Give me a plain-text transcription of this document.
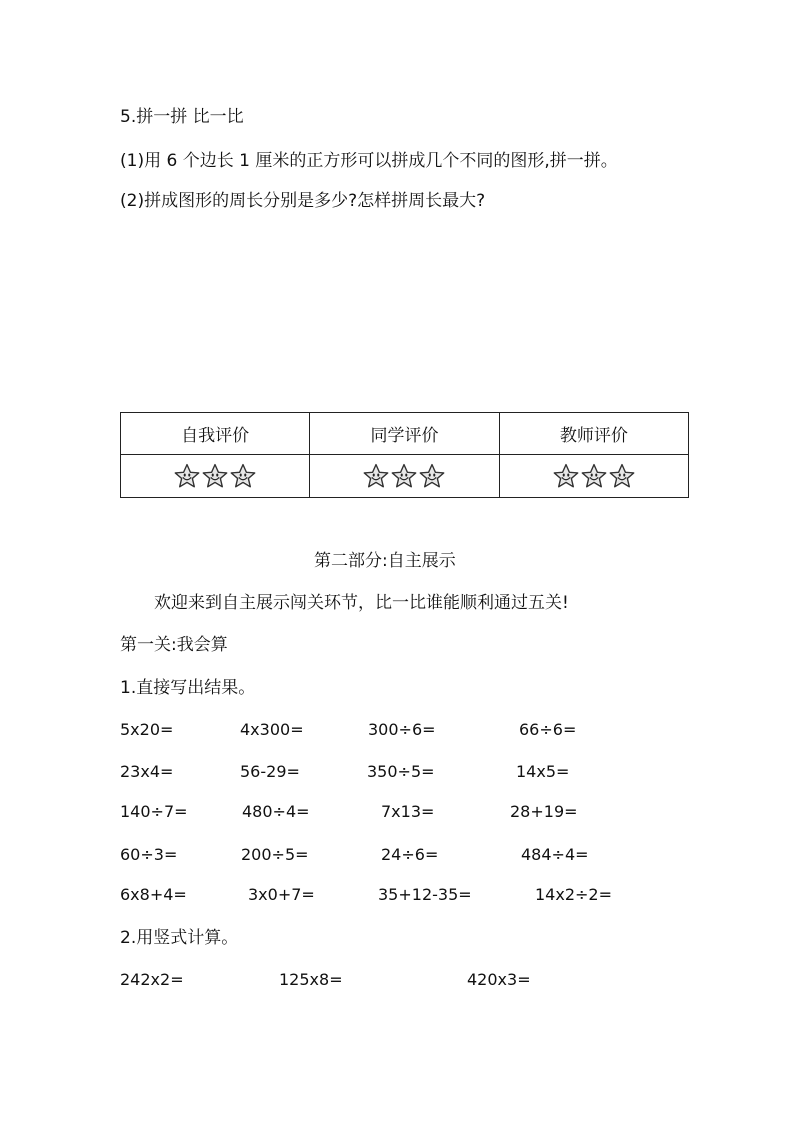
5.拼一拼 比一比
(1)用 6 个边长 1 厘米的正方形可以拼成几个不同的图形,拼一拼。
(2)拼成图形的周长分别是多少?怎样拼周长最大?
自我评价	同学评价	教师评价

第二部分:自主展示
欢迎来到自主展示闯关环节，比一比谁能顺利通过五关!
第一关:我会算
1.直接写出结果。
5x20=	4x300=	300÷6=	66÷6=
23x4=	56-29=	350÷5=	14x5=
140÷7=	480÷4=	7x13=	28+19=
60÷3=	200÷5=	24÷6=	484÷4=
6x8+4=	3x0+7=	35+12-35=	14x2÷2=
2.用竖式计算。
242x2=	125x8=	420x3=
